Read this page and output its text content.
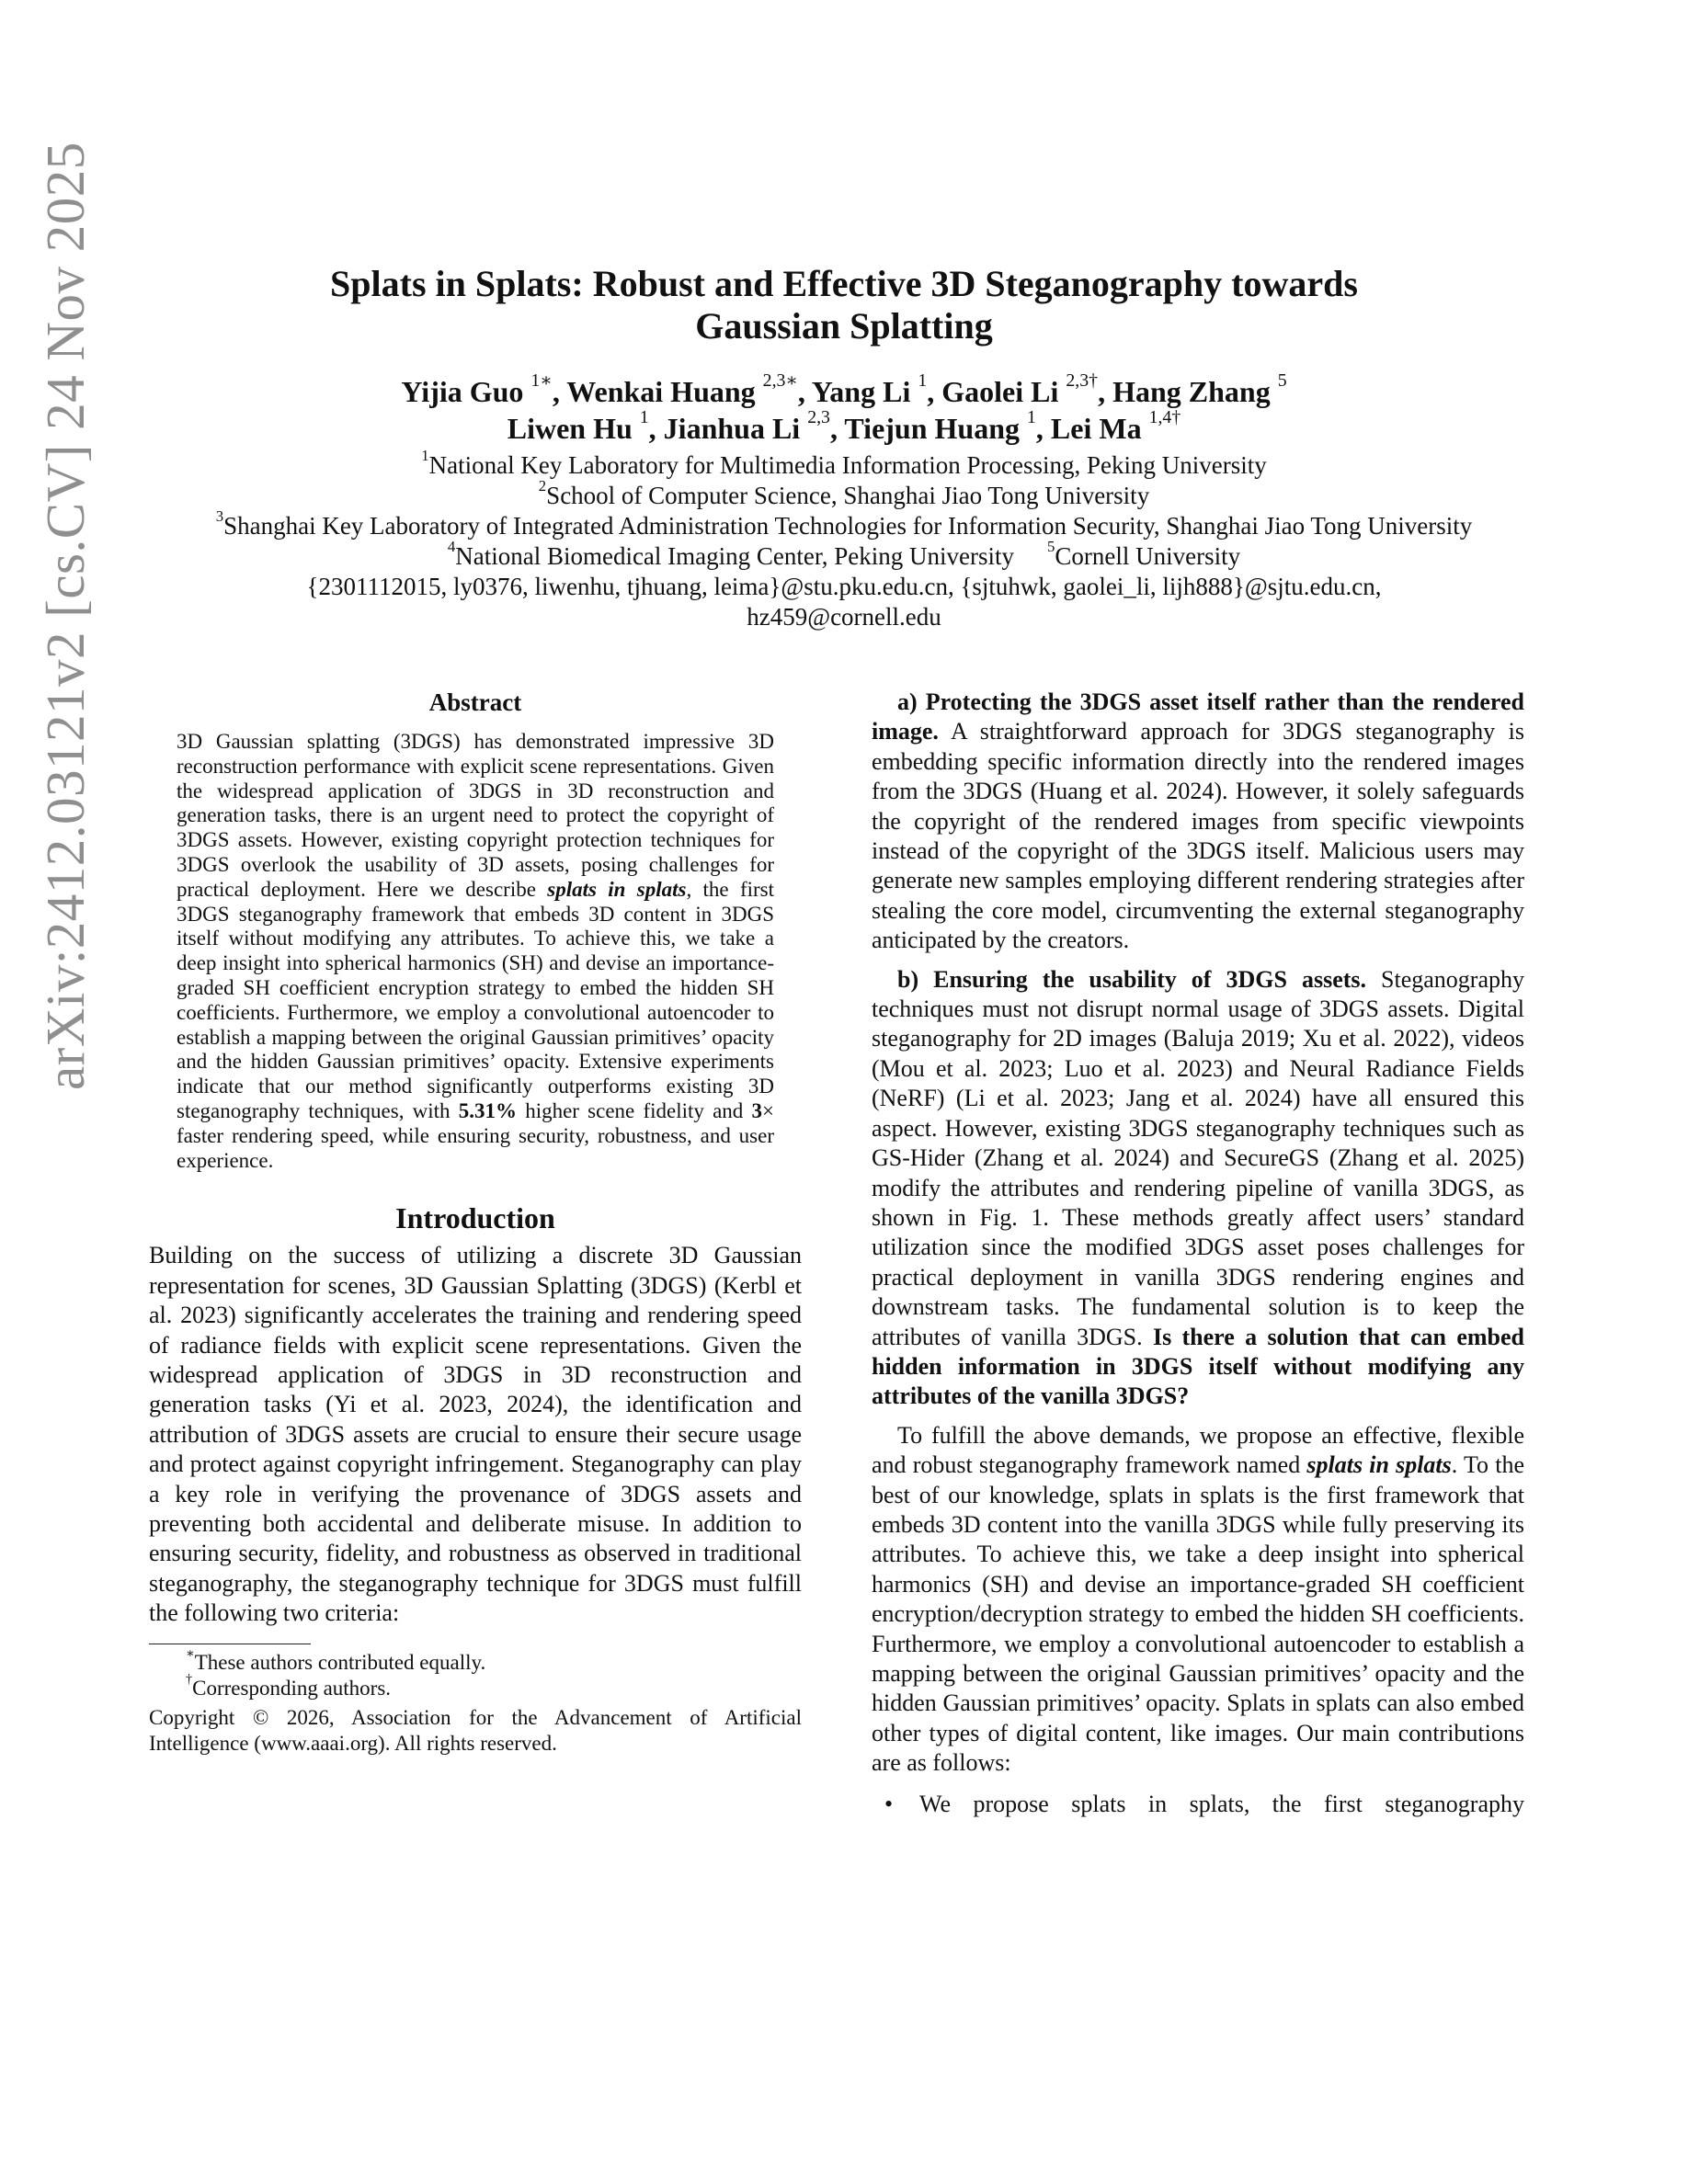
arXiv:2412.03121v2 [cs.CV] 24 Nov 2025	Splats in Splats: Robust and Effective 3D Steganography towards
Gaussian Splatting
Yijia Guo $^{1∗}$, Wenkai Huang $^{2,3∗}$, Yang Li $^1$, Gaolei Li $^{2,3\dagger}$, Hang Zhang $^5$
Liwen Hu $^1$, Jianhua Li $^{2,3}$, Tiejun Huang $^1$, Lei Ma $^{1,4\dagger}$
$^1$National Key Laboratory for Multimedia Information Processing, Peking University
$^2$School of Computer Science, Shanghai Jiao Tong University
$^3$Shanghai Key Laboratory of Integrated Administration Technologies for Information Security, Shanghai Jiao Tong University
$^4$National Biomedical Imaging Center, Peking University $^5$Cornell University
{2301112015, ly0376, liwenhu, tjhuang, leima}@stu.pku.edu.cn, {sjtuhwk, gaolei_li, lijh888}@sjtu.edu.cn,
hz459@cornell.edu
Abstract
3D Gaussian splatting (3DGS) has demonstrated impressive 3D reconstruction performance with explicit scene representations. Given the widespread application of 3DGS in 3D reconstruction and generation tasks, there is an urgent need to protect the copyright of 3DGS assets. However, existing copyright protection techniques for 3DGS overlook the usability of 3D assets, posing challenges for practical deployment. Here we describe splats in splats, the first 3DGS steganography framework that embeds 3D content in 3DGS itself without modifying any attributes. To achieve this, we take a deep insight into spherical harmonics (SH) and devise an importance-graded SH coefficient encryption strategy to embed the hidden SH coefficients. Furthermore, we employ a convolutional autoencoder to establish a mapping between the original Gaussian primitives’ opacity and the hidden Gaussian primitives’ opacity. Extensive experiments indicate that our method significantly outperforms existing 3D steganography techniques, with 5.31% higher scene fidelity and 3× faster rendering speed, while ensuring security, robustness, and user experience.
Introduction

Building on the success of utilizing a discrete 3D Gaussian representation for scenes, 3D Gaussian Splatting (3DGS) (Kerbl et al. 2023) significantly accelerates the training and rendering speed of radiance fields with explicit scene representations. Given the widespread application of 3DGS in 3D reconstruction and generation tasks (Yi et al. 2023, 2024), the identification and attribution of 3DGS assets are crucial to ensure their secure usage and protect against copyright infringement. Steganography can play a key role in verifying the provenance of 3DGS assets and preventing both accidental and deliberate misuse. In addition to ensuring security, fidelity, and robustness as observed in traditional steganography, the steganography technique for 3DGS must fulfill the following two criteria:

∗These authors contributed equally.
†Corresponding authors.
Copyright © 2026, Association for the Advancement of Artificial Intelligence (www.aaai.org). All rights reserved.

a) Protecting the 3DGS asset itself rather than the rendered image. A straightforward approach for 3DGS steganography is embedding specific information directly into the rendered images from the 3DGS (Huang et al. 2024). However, it solely safeguards the copyright of the rendered images from specific viewpoints instead of the copyright of the 3DGS itself. Malicious users may generate new samples employing different rendering strategies after stealing the core model, circumventing the external steganography anticipated by the creators.

b) Ensuring the usability of 3DGS assets. Steganography techniques must not disrupt normal usage of 3DGS assets. Digital steganography for 2D images (Baluja 2019; Xu et al. 2022), videos (Mou et al. 2023; Luo et al. 2023) and Neural Radiance Fields (NeRF) (Li et al. 2023; Jang et al. 2024) have all ensured this aspect. However, existing 3DGS steganography techniques such as GS-Hider (Zhang et al. 2024) and SecureGS (Zhang et al. 2025) modify the attributes and rendering pipeline of vanilla 3DGS, as shown in Fig. 1. These methods greatly affect users’ standard utilization since the modified 3DGS asset poses challenges for practical deployment in vanilla 3DGS rendering engines and downstream tasks. The fundamental solution is to keep the attributes of vanilla 3DGS. Is there a solution that can embed hidden information in 3DGS itself without modifying any attributes of the vanilla 3DGS?

To fulfill the above demands, we propose an effective, flexible and robust steganography framework named splats in splats. To the best of our knowledge, splats in splats is the first framework that embeds 3D content into the vanilla 3DGS while fully preserving its attributes. To achieve this, we take a deep insight into spherical harmonics (SH) and devise an importance-graded SH coefficient encryption/decryption strategy to embed the hidden SH coefficients. Furthermore, we employ a convolutional autoencoder to establish a mapping between the original Gaussian primitives’ opacity and the hidden Gaussian primitives’ opacity. Splats in splats can also embed other types of digital content, like images. Our main contributions are as follows:

•	We propose splats in splats, the first steganography
